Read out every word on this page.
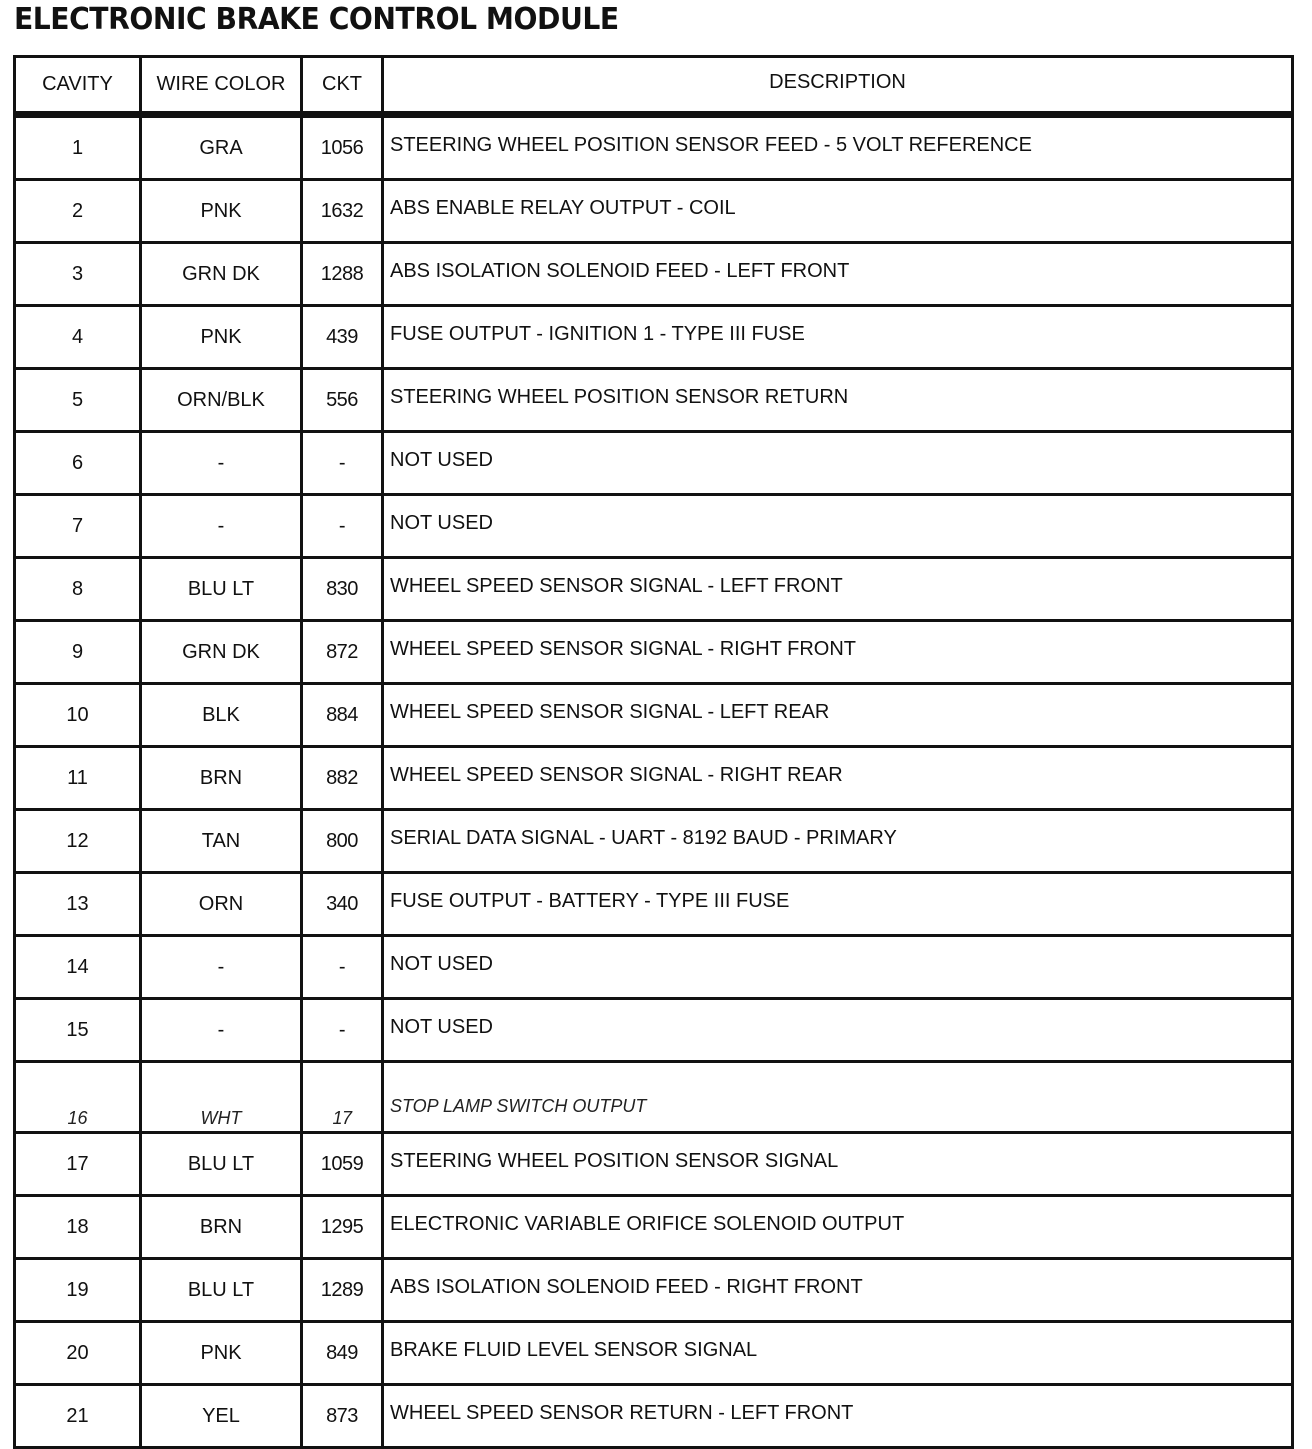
ELECTRONIC BRAKE CONTROL MODULE
CAVITY	WIRE COLOR	CKT	DESCRIPTION
1	GRA	1056	STEERING WHEEL POSITION SENSOR FEED - 5 VOLT REFERENCE
2	PNK	1632	ABS ENABLE RELAY OUTPUT - COIL
3	GRN DK	1288	ABS ISOLATION SOLENOID FEED - LEFT FRONT
4	PNK	439	FUSE OUTPUT - IGNITION 1 - TYPE III FUSE
5	ORN/BLK	556	STEERING WHEEL POSITION SENSOR RETURN
6	-	-	NOT USED
7	-	-	NOT USED
8	BLU LT	830	WHEEL SPEED SENSOR SIGNAL - LEFT FRONT
9	GRN DK	872	WHEEL SPEED SENSOR SIGNAL - RIGHT FRONT
10	BLK	884	WHEEL SPEED SENSOR SIGNAL - LEFT REAR
11	BRN	882	WHEEL SPEED SENSOR SIGNAL - RIGHT REAR
12	TAN	800	SERIAL DATA SIGNAL - UART - 8192 BAUD - PRIMARY
13	ORN	340	FUSE OUTPUT - BATTERY - TYPE III FUSE
14	-	-	NOT USED
15	-	-	NOT USED
16	WHT	17	STOP LAMP SWITCH OUTPUT
17	BLU LT	1059	STEERING WHEEL POSITION SENSOR SIGNAL
18	BRN	1295	ELECTRONIC VARIABLE ORIFICE SOLENOID OUTPUT
19	BLU LT	1289	ABS ISOLATION SOLENOID FEED - RIGHT FRONT
20	PNK	849	BRAKE FLUID LEVEL SENSOR SIGNAL
21	YEL	873	WHEEL SPEED SENSOR RETURN - LEFT FRONT
